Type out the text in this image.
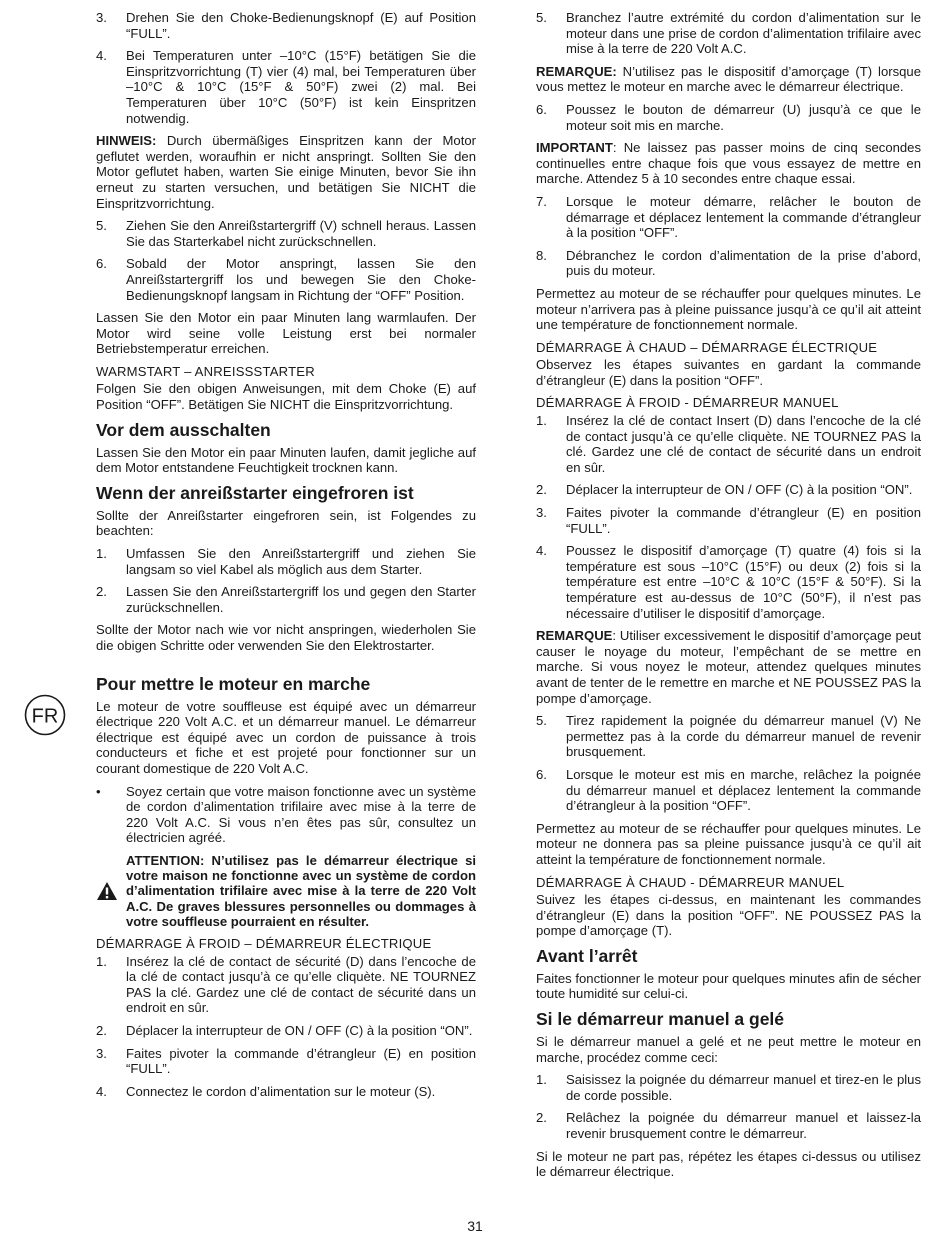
FR
3.	Drehen Sie den Choke-Bedienungsknopf (E) auf Position “FULL”.
4.	Bei Temperaturen unter –10°C (15°F) betätigen Sie die Einspritzvorrichtung (T) vier (4) mal, bei Temperaturen über –10°C & 10°C (15°F & 50°F) zwei (2) mal. Bei Temperaturen über 10°C (50°F) ist kein Einspritzen notwendig.

HINWEIS: Durch übermäßiges Einspritzen kann der Motor geflutet werden, woraufhin er nicht anspringt. Sollten Sie den Motor geflutet haben, warten Sie einige Minuten, bevor Sie ihn erneut zu starten versuchen, und betätigen Sie NICHT die Einspritzvorrichtung.

5.	Ziehen Sie den Anreißstartergriff (V) schnell heraus. Lassen Sie das Starterkabel nicht zurückschnellen.
6.	Sobald der Motor anspringt, lassen Sie den Anreißstartergriff los und bewegen Sie den Choke-Bedienungsknopf langsam in Richtung der “OFF” Position.

Lassen Sie den Motor ein paar Minuten lang warmlaufen. Der Motor wird seine volle Leistung erst bei normaler Betriebstemperatur erreichen.

WARMSTART – ANREISSSTARTER

Folgen Sie den obigen Anweisungen, mit dem Choke (E) auf Position “OFF”. Betätigen Sie NICHT die Einspritzvorrichtung.

Vor dem ausschalten

Lassen Sie den Motor ein paar Minuten laufen, damit jegliche auf dem Motor entstandene Feuchtigkeit trocknen kann.

Wenn der anreißstarter eingefroren ist

Sollte der Anreißstarter eingefroren sein, ist Folgendes zu beachten:

1.	Umfassen Sie den Anreißstartergriff und ziehen Sie langsam so viel Kabel als möglich aus dem Starter.
2.	Lassen Sie den Anreißstartergriff los und gegen den Starter zurückschnellen.

Sollte der Motor nach wie vor nicht anspringen, wiederholen Sie die obigen Schritte oder verwenden Sie den Elektrostarter.

Pour mettre le moteur en marche

Le moteur de votre souffleuse est équipé avec un démarreur électrique 220 Volt A.C. et un démarreur manuel. Le démarreur électrique est équipé avec un cordon de puissance à trois conducteurs et fiche et est projeté pour fonctionner sur un courant domestique de 220 Volt A.C.

•	Soyez certain que votre maison fonctionne avec un système de cordon d’alimentation trifilaire avec mise à la terre de 220 Volt A.C. Si vous n’en êtes pas sûr, consultez un électricien agréé.
ATTENTION: N’utilisez pas le démarreur électrique si votre maison ne fonctionne avec un système de cordon d’alimentation trifilaire avec mise à la terre de 220 Volt A.C. De graves blessures personnelles ou dommages à votre souffleuse pourraient en résulter.
DÉMARRAGE À FROID – DÉMARREUR ÉLECTRIQUE
1.	Insérez la clé de contact de sécurité (D) dans l’encoche de la clé de contact jusqu’à ce qu’elle cliquète. NE TOURNEZ PAS la clé. Gardez une clé de contact de sécurité dans un endroit en sûr.
2.	Déplacer la interrupteur de ON / OFF (C) à la position “ON”.
3.	Faites pivoter la commande d’étrangleur (E) en position “FULL”.
4.	Connectez le cordon d’alimentation sur le moteur (S).
5.	Branchez l’autre extrémité du cordon d’alimentation sur le moteur dans une prise de cordon d’alimentation trifilaire avec mise à la terre de 220 Volt A.C.

REMARQUE: N’utilisez pas le dispositif d’amorçage (T) lorsque vous mettez le moteur en marche avec le démarreur électrique.

6.	Poussez le bouton de démarreur (U) jusqu’à ce que le moteur soit mis en marche.

IMPORTANT: Ne laissez pas passer moins de cinq secondes continuelles entre chaque fois que vous essayez de mettre en marche. Attendez 5 à 10 secondes entre chaque essai.

7.	Lorsque le moteur démarre, relâcher le bouton de démarrage et déplacez lentement la commande d’étrangleur à la position “OFF”.
8.	Débranchez le cordon d’alimentation de la prise d’abord, puis du moteur.

Permettez au moteur de se réchauffer pour quelques minutes. Le moteur n’arrivera pas à pleine puissance jusqu’à ce qu’il ait atteint une température de fonctionnement normale.

DÉMARRAGE À CHAUD – DÉMARRAGE ÉLECTRIQUE

Observez les étapes suivantes en gardant la commande d’étrangleur (E) dans la position “OFF”.

DÉMARRAGE À FROID - DÉMARREUR MANUEL
1.	Insérez la clé de contact Insert (D) dans l’encoche de la clé de contact jusqu’à ce qu’elle cliquète. NE TOURNEZ PAS la clé. Gardez une clé de contact de sécurité dans un endroit en sûr.
2.	Déplacer la interrupteur de ON / OFF (C) à la position “ON”.
3.	Faites pivoter la commande d’étrangleur (E) en position “FULL”.
4.	Poussez le dispositif d’amorçage (T) quatre (4) fois si la température est sous –10°C (15°F) ou deux (2) fois si la température est entre –10°C & 10°C (15°F & 50°F). Si la température est au-dessus de 10°C (50°F), il n’est pas nécessaire d’utiliser le dispositif d’amorçage.

REMARQUE: Utiliser excessivement le dispositif d’amorçage peut causer le noyage du moteur, l’empêchant de se mettre en marche. Si vous noyez le moteur, attendez quelques minutes avant de tenter de le remettre en marche et NE POUSSEZ PAS la pompe d’amorçage.

5.	Tirez rapidement la poignée du démarreur manuel (V) Ne permettez pas à la corde du démarreur manuel de revenir brusquement.
6.	Lorsque le moteur est mis en marche, relâchez la poignée du démarreur manuel et déplacez lentement la commande d’étrangleur à la position “OFF”.

Permettez au moteur de se réchauffer pour quelques minutes. Le moteur ne donnera pas sa pleine puissance jusqu’à ce qu’il ait atteint la température de fonctionnement normale.

DÉMARRAGE À CHAUD - DÉMARREUR MANUEL

Suivez les étapes ci-dessus, en maintenant les commandes d’étrangleur (E) dans la position “OFF”. NE POUSSEZ PAS la pompe d’amorçage (T).

Avant l’arrêt

Faites fonctionner le moteur pour quelques minutes afin de sécher toute humidité sur celui-ci.

Si le démarreur manuel a gelé

Si le démarreur manuel a gelé et ne peut mettre le moteur en marche, procédez comme ceci:

1.	Saisissez la poignée du démarreur manuel et tirez-en le plus de corde possible.
2.	Relâchez la poignée du démarreur manuel et laissez-la revenir brusquement contre le démarreur.

Si le moteur ne part pas, répétez les étapes ci-dessus ou utilisez le démarreur électrique.

31
